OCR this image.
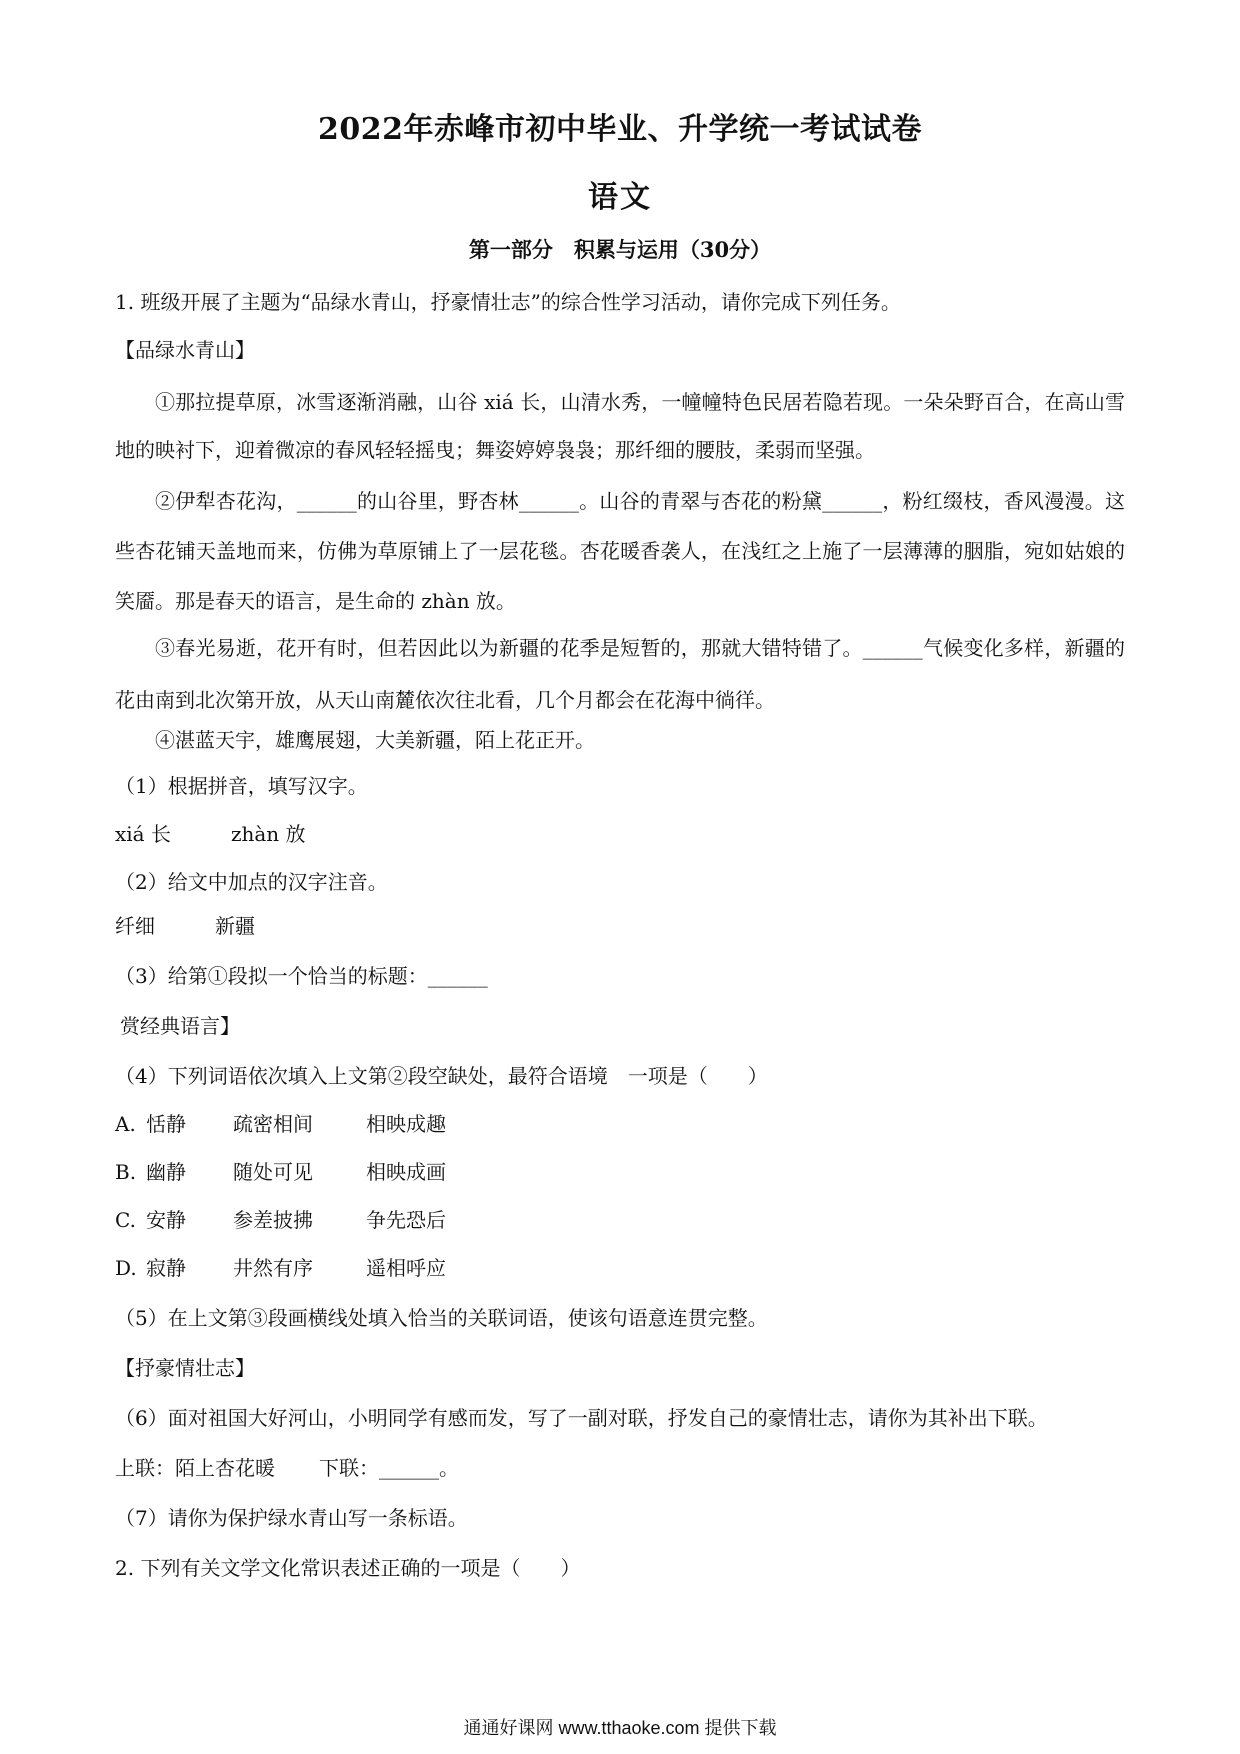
2022年赤峰市初中毕业、升学统一考试试卷
语文
第一部分　积累与运用（30分）
1. 班级开展了主题为“品绿水青山，抒豪情壮志”的综合性学习活动，请你完成下列任务。
【品绿水青山】
①那拉提草原，冰雪逐渐消融，山谷 xiá 长，山清水秀，一幢幢特色民居若隐若现。一朵朵野百合，在高山雪地的映衬下，迎着微凉的春风轻轻摇曳；舞姿婷婷袅袅；那纤细的腰肢，柔弱而坚强。
②伊犁杏花沟，______的山谷里，野杏林______。山谷的青翠与杏花的粉黛______，粉红缀枝，香风漫漫。这些杏花铺天盖地而来，仿佛为草原铺上了一层花毯。杏花暖香袭人，在浅红之上施了一层薄薄的胭脂，宛如姑娘的笑靥。那是春天的语言，是生命的 zhàn 放。
③春光易逝，花开有时，但若因此以为新疆的花季是短暂的，那就大错特错了。______气候变化多样，新疆的花由南到北次第开放，从天山南麓依次往北看，几个月都会在花海中徜徉。
④湛蓝天宇，雄鹰展翅，大美新疆，陌上花正开。
（1）根据拼音，填写汉字。
xiá 长	zhàn 放
（2）给文中加点的汉字注音。
纤细	新疆
（3）给第①段拟一个恰当的标题：______
赏经典语言】
（4）下列词语依次填入上文第②段空缺处，最符合语境　一项是（　　）
A. 恬静 疏密相间	相映成趣
B. 幽静 随处可见	相映成画
C. 安静 参差披拂	争先恐后
D. 寂静 井然有序	遥相呼应
（5）在上文第③段画横线处填入恰当的关联词语，使该句语意连贯完整。
【抒豪情壮志】
（6）面对祖国大好河山，小明同学有感而发，写了一副对联，抒发自己的豪情壮志，请你为其补出下联。
上联：陌上杏花暖 下联：______。
（7）请你为保护绿水青山写一条标语。
2. 下列有关文学文化常识表述正确的一项是（　　）
通通好课网 www.tthaoke.com 提供下载
